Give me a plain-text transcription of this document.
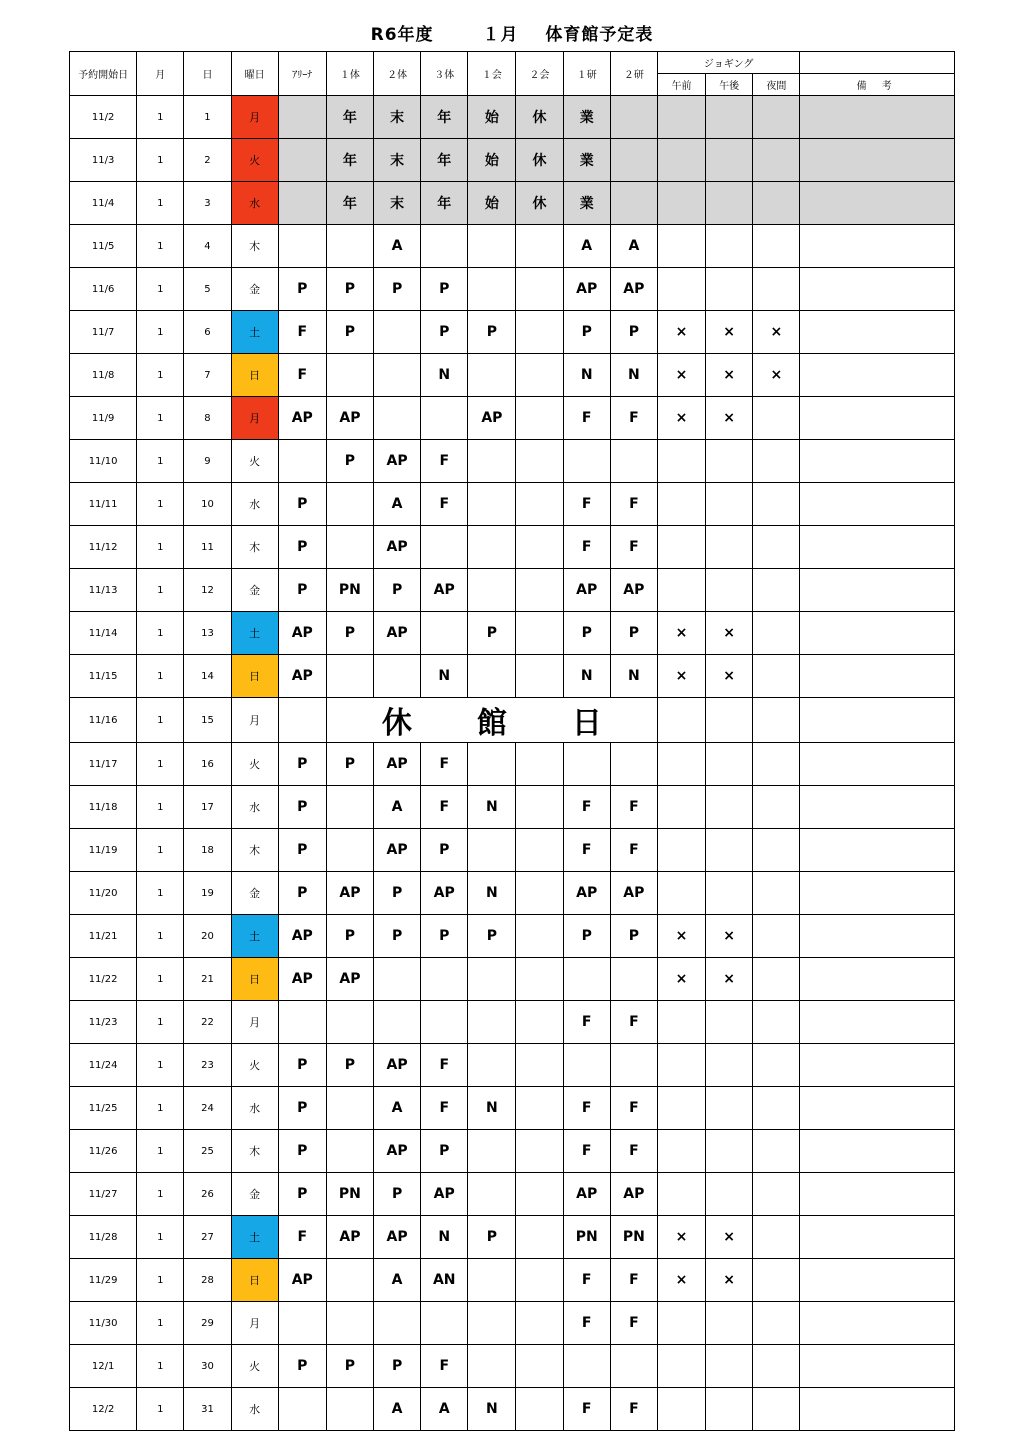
R6年度	１月 体育館予定表
予約開始日	月	日	曜日	ｱﾘｰﾅ	１体	２体	３体	１会	２会	１研	２研	ジョギング			
												午前	午後	夜間	備 考
11/2	1	1	月		年	末	年	始	休	業					
11/3	1	2	火		年	末	年	始	休	業					
11/4	1	3	水		年	末	年	始	休	業					
11/5	1	4	木			A				A	A				
11/6	1	5	金	P	P	P	P			AP	AP				
11/7	1	6	土	F	P		P	P		P	P	×	×	×	
11/8	1	7	日	F			N			N	N	×	×	×	
11/9	1	8	月	AP	AP			AP		F	F	×	×		
11/10	1	9	火		P	AP	F								
11/11	1	10	水	P		A	F			F	F				
11/12	1	11	木	P		AP				F	F				
11/13	1	12	金	P	PN	P	AP			AP	AP				
11/14	1	13	土	AP	P	AP		P		P	P	×	×		
11/15	1	14	日	AP			N			N	N	×	×		
11/16	1	15	月		休 館 日										
11/17	1	16	火	P	P	AP	F								
11/18	1	17	水	P		A	F	N		F	F				
11/19	1	18	木	P		AP	P			F	F				
11/20	1	19	金	P	AP	P	AP	N		AP	AP				
11/21	1	20	土	AP	P	P	P	P		P	P	×	×		
11/22	1	21	日	AP	AP							×	×		
11/23	1	22	月							F	F				
11/24	1	23	火	P	P	AP	F								
11/25	1	24	水	P		A	F	N		F	F				
11/26	1	25	木	P		AP	P			F	F				
11/27	1	26	金	P	PN	P	AP			AP	AP				
11/28	1	27	土	F	AP	AP	N	P		PN	PN	×	×		
11/29	1	28	日	AP		A	AN			F	F	×	×		
11/30	1	29	月							F	F				
12/1	1	30	火	P	P	P	F								
12/2	1	31	水			A	A	N		F	F				
